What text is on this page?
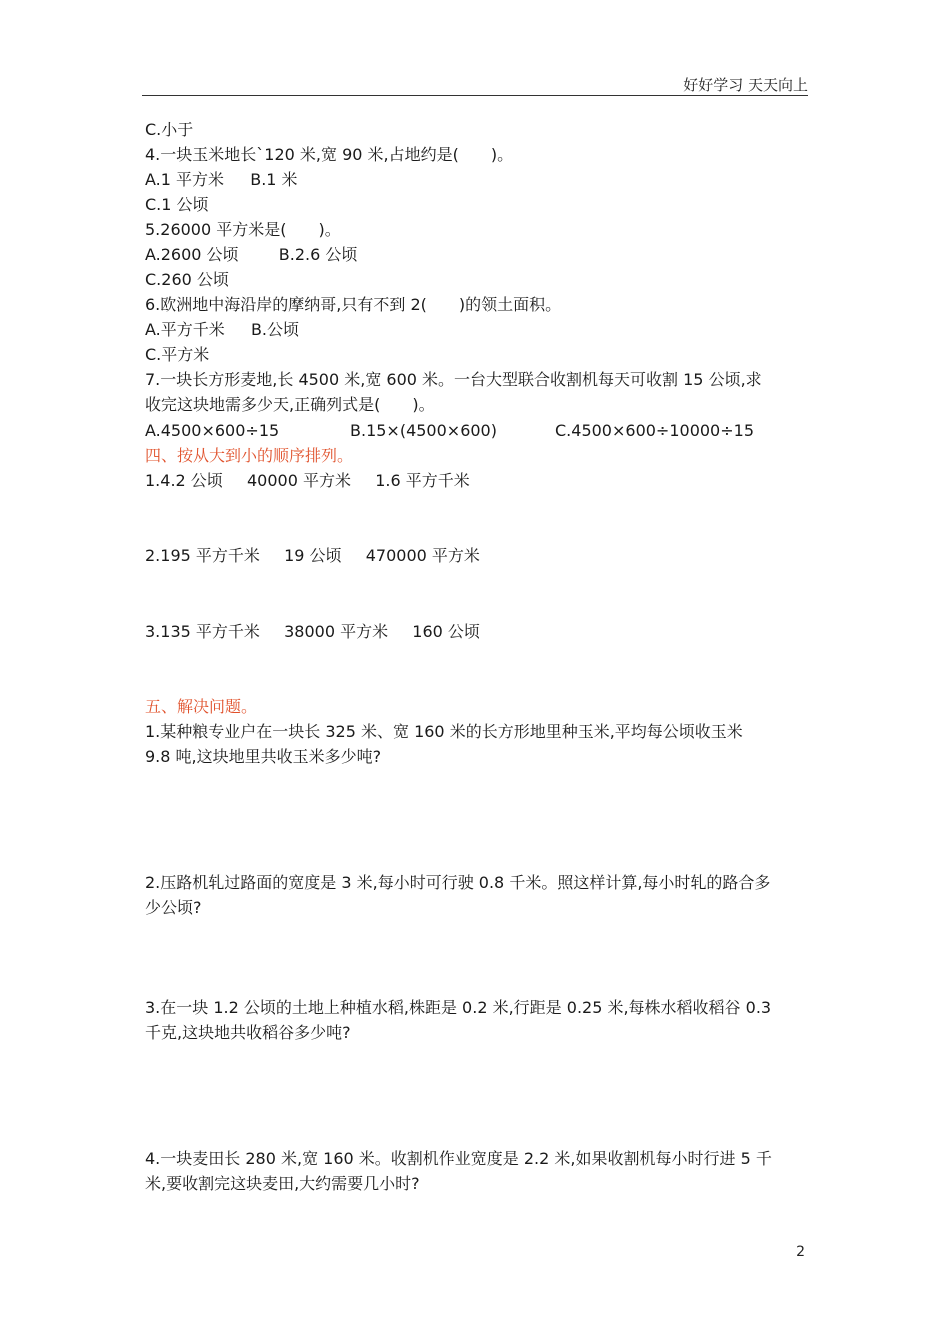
好好学习 天天向上
C.小于
4.一块玉米地长`120 米,宽 90 米,占地约是(　　)。
A.1 平方米 B.1 米
C.1 公顷
5.26000 平方米是(　　)。
A.2600 公顷	B.2.6 公顷
C.260 公顷
6.欧洲地中海沿岸的摩纳哥,只有不到 2(　　)的领土面积。
A.平方千米 B.公顷
C.平方米
7.一块长方形麦地,长 4500 米,宽 600 米。一台大型联合收割机每天可收割 15 公顷,求
收完这块地需多少天,正确列式是(　　)。
A.4500×600÷15	B.15×(4500×600)	C.4500×600÷10000÷15
四、按从大到小的顺序排列。
1.4.2 公顷 40000 平方米 1.6 平方千米
2.195 平方千米 19 公顷 470000 平方米
3.135 平方千米 38000 平方米 160 公顷
五、解决问题。
1.某种粮专业户在一块长 325 米、宽 160 米的长方形地里种玉米,平均每公顷收玉米
9.8 吨,这块地里共收玉米多少吨?
2.压路机轧过路面的宽度是 3 米,每小时可行驶 0.8 千米。照这样计算,每小时轧的路合多
少公顷?
3.在一块 1.2 公顷的土地上种植水稻,株距是 0.2 米,行距是 0.25 米,每株水稻收稻谷 0.3
千克,这块地共收稻谷多少吨?
4.一块麦田长 280 米,宽 160 米。收割机作业宽度是 2.2 米,如果收割机每小时行进 5 千
米,要收割完这块麦田,大约需要几小时?
2
